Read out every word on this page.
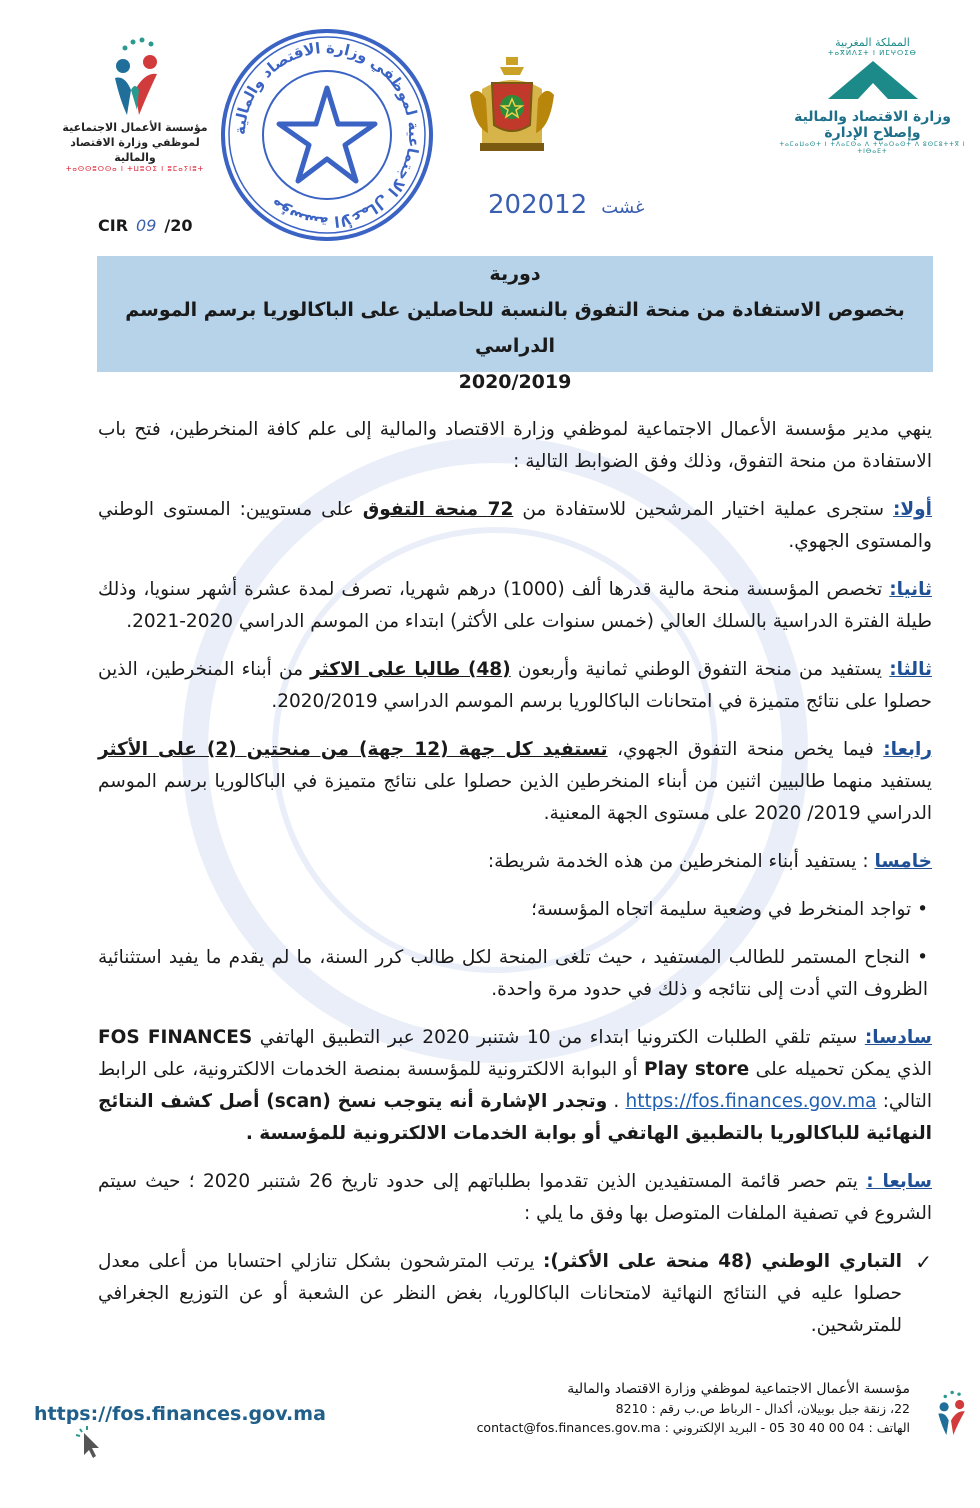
مؤسسة الأعمال الاجتماعية
لموظفي وزارة الاقتصاد والمالية
ⵜⴰⵙⵙⵓⵔⵙⴰ ⵏ ⵜⵡⵓⵔⵉ ⵏ ⵓⵎⴰⵢⵏⵓⵜ
مؤسسة الأعمال الاجتماعية لموظفي وزارة الاقتصاد والمالية
المملكة المغربية
ⵜⴰⴳⵍⴷⵉⵜ ⵏ ⵍⵎⵖⵔⵉⴱ
وزارة الاقتصاد والمالية وإصلاح الإدارة
ⵜⴰⵎⴰⵡⴰⵙⵜ ⵏ ⵜⴷⴰⵎⵙⴰ ⴷ ⵜⵖⴰⵔⴰⵙⵜ ⴷ ⵓⵙⵎⵓⵜⵜⴳ ⵏ ⵜⵏⴱⴰⴹⵜ
2020	غشت12
CIR 09 /20
دورية
بخصوص الاستفادة من منحة التفوق بالنسبة للحاصلين على الباكالوريا برسم الموسم الدراسي
2020/2019

ينهي مدير مؤسسة الأعمال الاجتماعية لموظفي وزارة الاقتصاد والمالية إلى علم كافة المنخرطين، فتح باب الاستفادة من منحة التفوق، وذلك وفق الضوابط التالية :

أولا: ستجرى عملية اختيار المرشحين للاستفادة من 72 منحة التفوق على مستويين: المستوى الوطني والمستوى الجهوي.

ثانيا: تخصص المؤسسة منحة مالية قدرها ألف (1000) درهم شهريا، تصرف لمدة عشرة أشهر سنويا، وذلك طيلة الفترة الدراسية بالسلك العالي (خمس سنوات على الأكثر) ابتداء من الموسم الدراسي 2020-2021.

ثالثا: يستفيد من منحة التفوق الوطني ثمانية وأربعون (48) طالبا على الاكثر من أبناء المنخرطين، الذين حصلوا على نتائج متميزة في امتحانات الباكالوريا برسم الموسم الدراسي 2020/2019.

رابعا: فيما يخص منحة التفوق الجهوي، تستفيد كل جهة (12 جهة) من منحتين (2) على الأكثر يستفيد منهما طالبيين اثنين من أبناء المنخرطين الذين حصلوا على نتائج متميزة في الباكالوريا برسم الموسم الدراسي 2019/ 2020 على مستوى الجهة المعنية.

خامسا : يستفيد أبناء المنخرطين من هذه الخدمة شريطة:

• تواجد المنخرط في وضعية سليمة اتجاه المؤسسة؛

• النجاح المستمر للطالب المستفيد ، حيث تلغى المنحة لكل طالب كرر السنة، ما لم يقدم ما يفيد استثنائية الظروف التي أدت إلى نتائجه و ذلك في حدود مرة واحدة.

سادسا: سيتم تلقي الطلبات الكترونيا ابتداء من 10 شتنبر 2020 عبر التطبيق الهاتفي FOS FINANCES الذي يمكن تحميله على Play store أو البوابة الالكترونية للمؤسسة بمنصة الخدمات الالكترونية، على الرابط التالي: https://fos.finances.gov.ma . وتجدر الإشارة أنه يتوجب نسخ (scan) أصل كشف النتائج النهائية للباكالوريا بالتطبيق الهاتفي أو بوابة الخدمات الالكترونية للمؤسسة .

سابعا : يتم حصر قائمة المستفيدين الذين تقدموا بطلباتهم إلى حدود تاريخ 26 شتنبر 2020 ؛ حيث سيتم الشروع في تصفية الملفات المتوصل بها وفق ما يلي :

✓
التباري الوطني (48 منحة على الأكثر): يرتب المترشحون بشكل تنازلي احتسابا من أعلى معدل حصلوا عليه في النتائج النهائية لامتحانات الباكالوريا، بغض النظر عن الشعبة أو عن التوزيع الجغرافي للمترشحين.

https://fos.finances.gov.ma
مؤسسة الأعمال الاجتماعية لموظفي وزارة الاقتصاد والمالية
22، زنقة جبل بوبيلان، أكدال - الرباط ص.ب رقم : 8210
الهاتف : 05 30 40 00 04 - البريد الإلكتروني : contact@fos.finances.gov.ma
